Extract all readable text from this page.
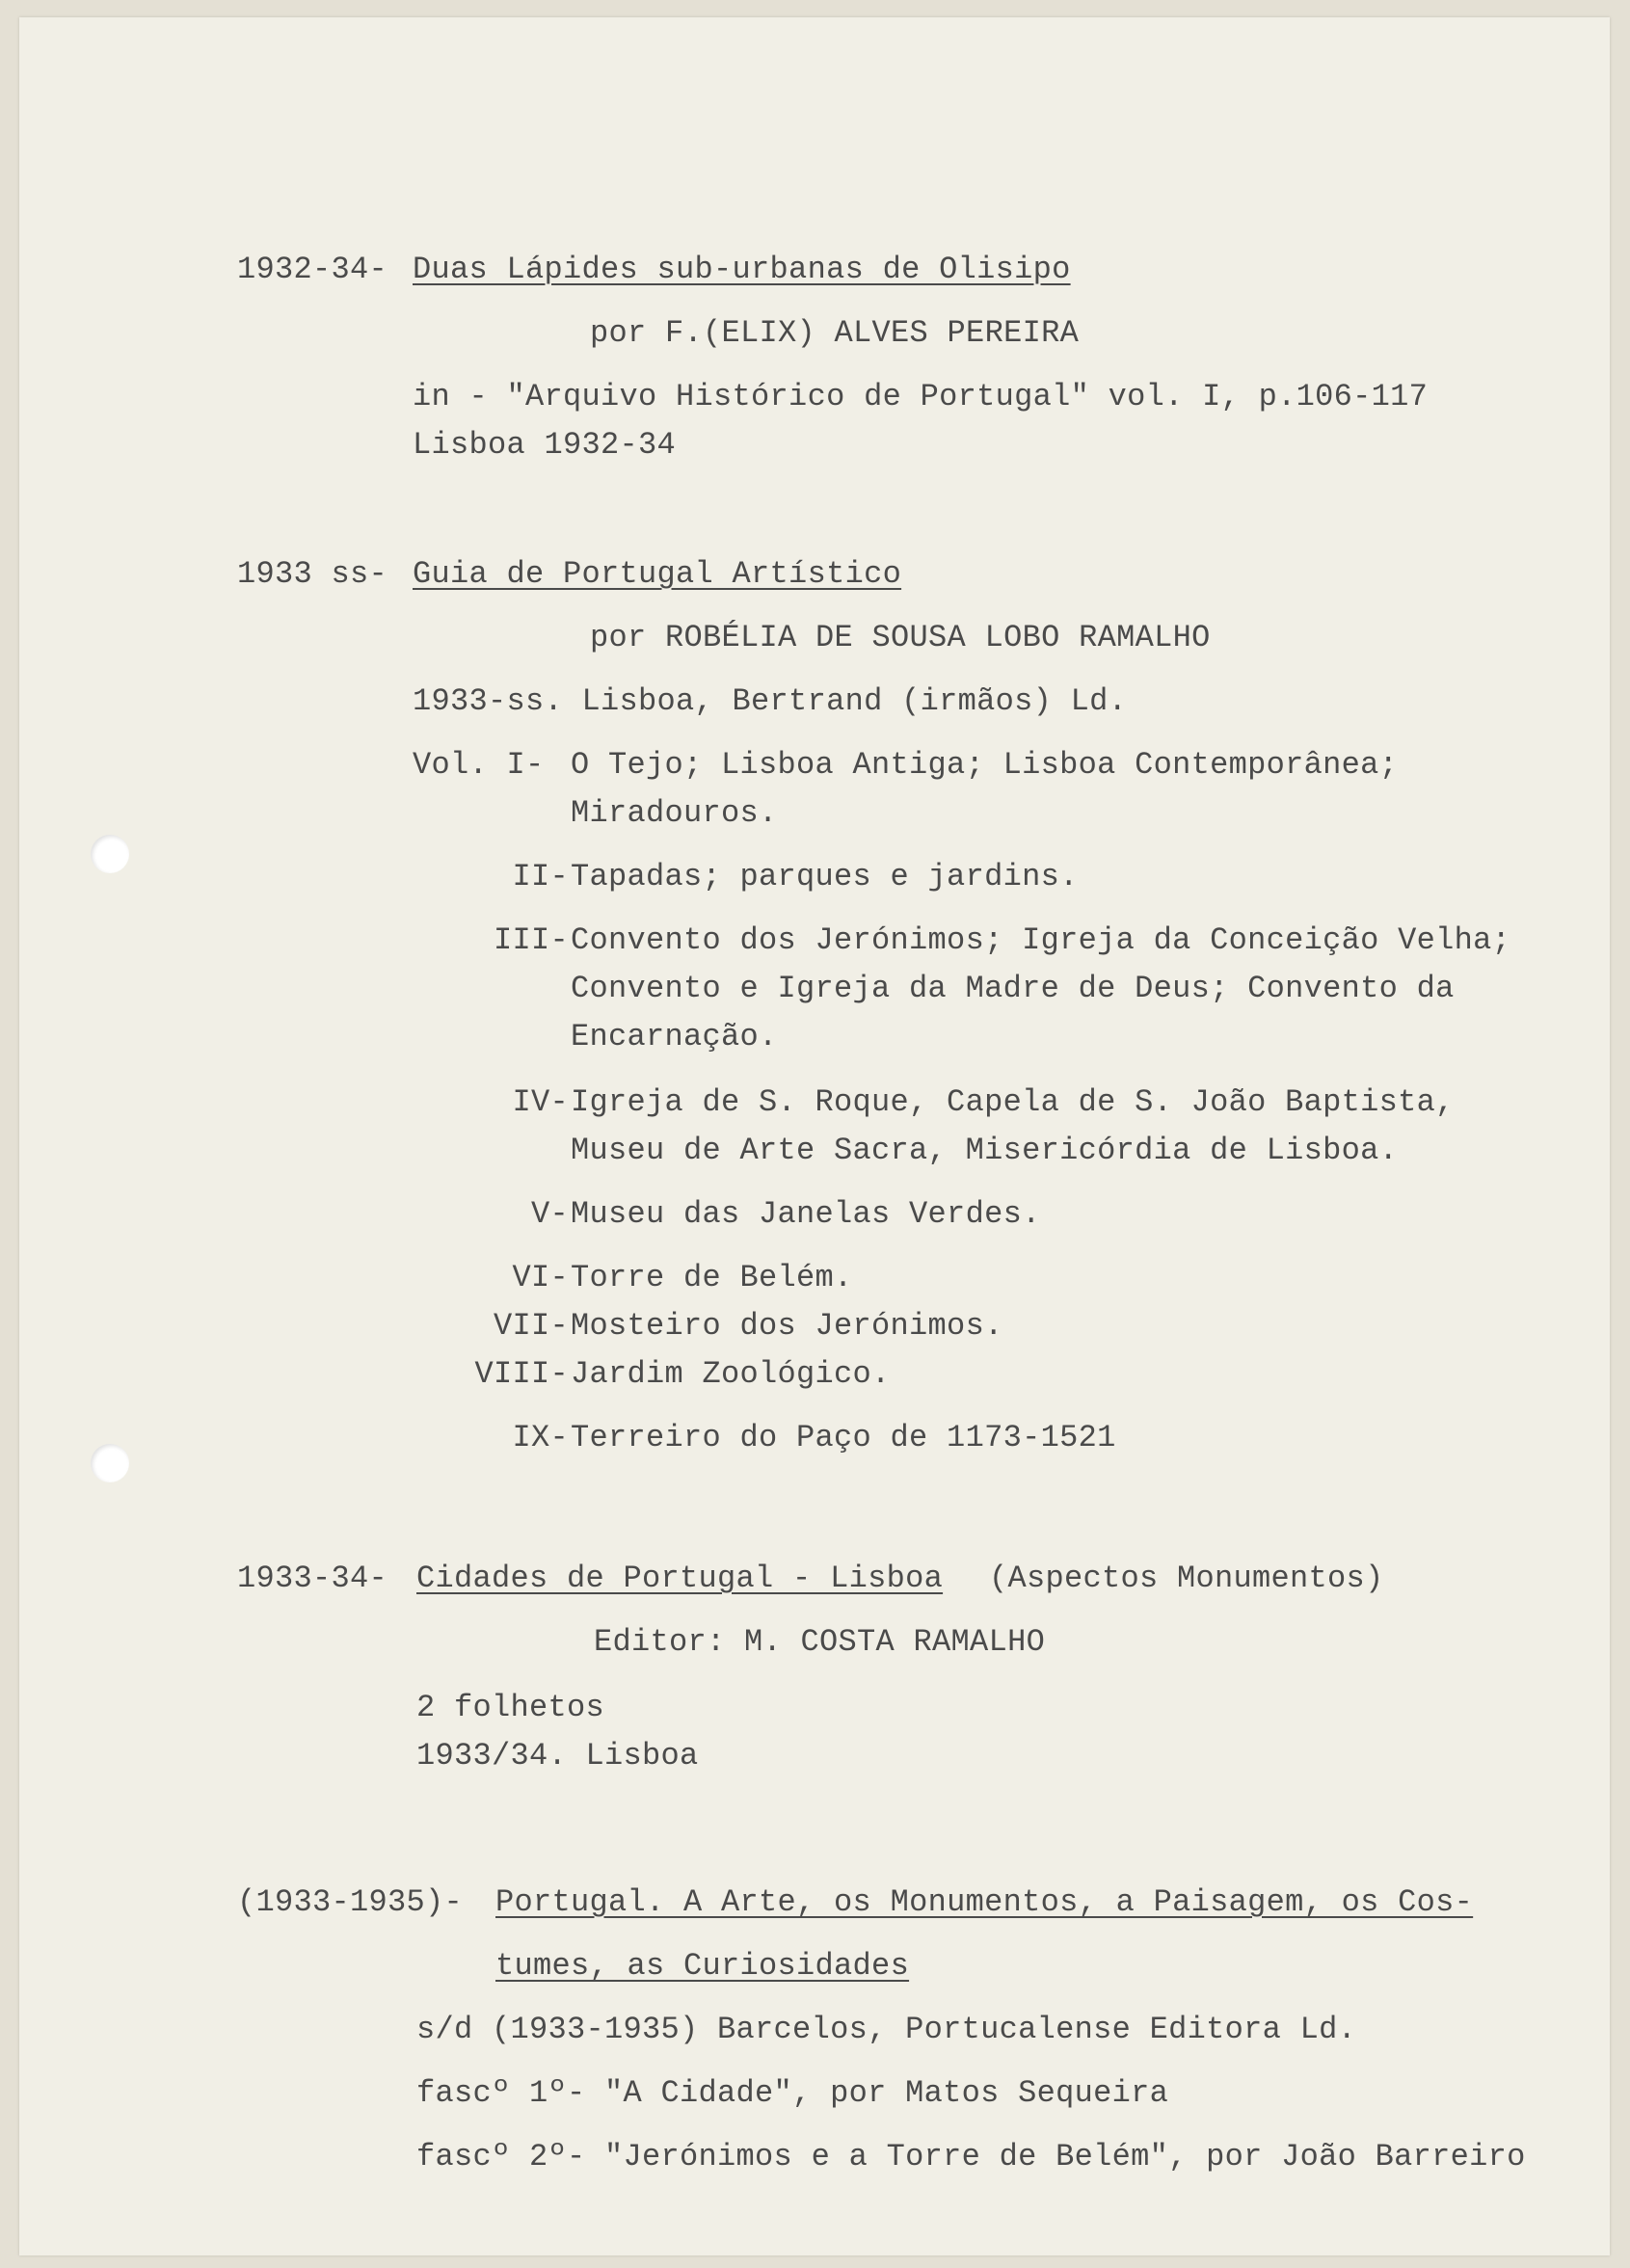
1932-34- Duas Lápides sub-urbanas de Olisipo
por F.(ELIX) ALVES PEREIRA
in - "Arquivo Histórico de Portugal" vol. I, p.106-117
Lisboa 1932-34
1933 ss- Guia de Portugal Artístico
por ROBÉLIA DE SOUSA LOBO RAMALHO
1933-ss. Lisboa, Bertrand (irmãos) Ld.
Vol. I- O Tejo; Lisboa Antiga; Lisboa Contemporânea;
Miradouros.
II- Tapadas; parques e jardins.
III- Convento dos Jerónimos; Igreja da Conceição Velha;
Convento e Igreja da Madre de Deus; Convento da
Encarnação.
IV- Igreja de S. Roque, Capela de S. João Baptista,
Museu de Arte Sacra, Misericórdia de Lisboa.
V- Museu das Janelas Verdes.
VI- Torre de Belém.
VII- Mosteiro dos Jerónimos.
VIII- Jardim Zoológico.
IX- Terreiro do Paço de 1173-1521
1933-34- Cidades de Portugal - Lisboa (Aspectos Monumentos)
Editor: M. COSTA RAMALHO
2 folhetos
1933/34. Lisboa
(1933-1935)- Portugal. A Arte, os Monumentos, a Paisagem, os Cos-
tumes, as Curiosidades
s/d (1933-1935) Barcelos, Portucalense Editora Ld.
fascº 1º- "A Cidade", por Matos Sequeira
fascº 2º- "Jerónimos e a Torre de Belém", por João Barreiro
